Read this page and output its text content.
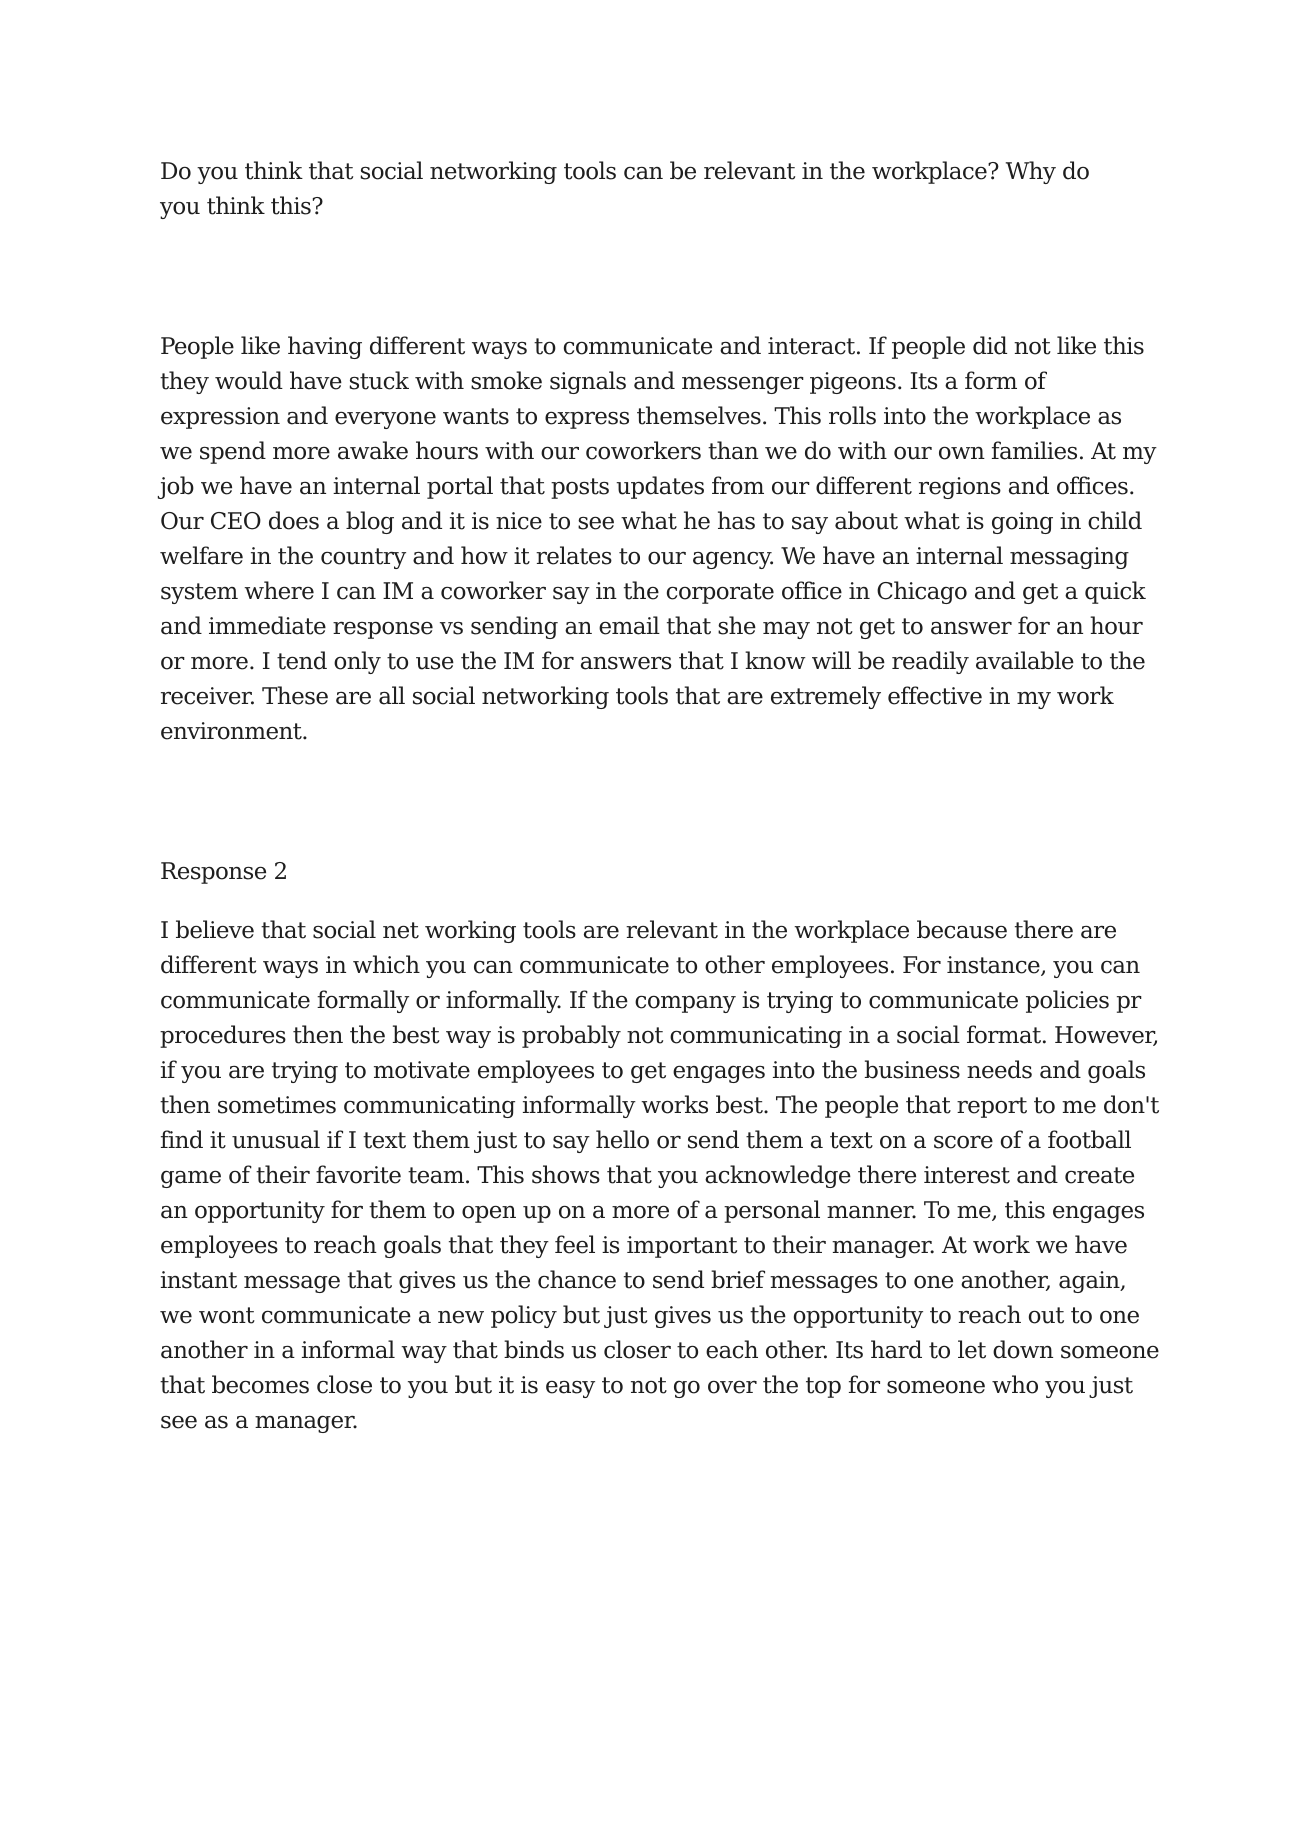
Do you think that social networking tools can be relevant in the workplace? Why do you think this?

People like having different ways to communicate and interact. If people did not like this they would have stuck with smoke signals and messenger pigeons. Its a form of expression and everyone wants to express themselves. This rolls into the workplace as we spend more awake hours with our coworkers than we do with our own families. At my job we have an internal portal that posts updates from our different regions and offices. Our CEO does a blog and it is nice to see what he has to say about what is going in child welfare in the country and how it relates to our agency. We have an internal messaging system where I can IM a coworker say in the corporate office in Chicago and get a quick and immediate response vs sending an email that she may not get to answer for an hour or more. I tend only to use the IM for answers that I know will be readily available to the receiver. These are all social networking tools that are extremely effective in my work environment.

Response 2

I believe that social net working tools are relevant in the workplace because there are different ways in which you can communicate to other employees. For instance, you can communicate formally or informally. If the company is trying to communicate policies pr procedures then the best way is probably not communicating in a social format. However, if you are trying to motivate employees to get engages into the business needs and goals then sometimes communicating informally works best. The people that report to me don't find it unusual if I text them just to say hello or send them a text on a score of a football game of their favorite team. This shows that you acknowledge there interest and create an opportunity for them to open up on a more of a personal manner. To me, this engages employees to reach goals that they feel is important to their manager. At work we have instant message that gives us the chance to send brief messages to one another, again, we wont communicate a new policy but just gives us the opportunity to reach out to one another in a informal way that binds us closer to each other. Its hard to let down someone that becomes close to you but it is easy to not go over the top for someone who you just see as a manager.
